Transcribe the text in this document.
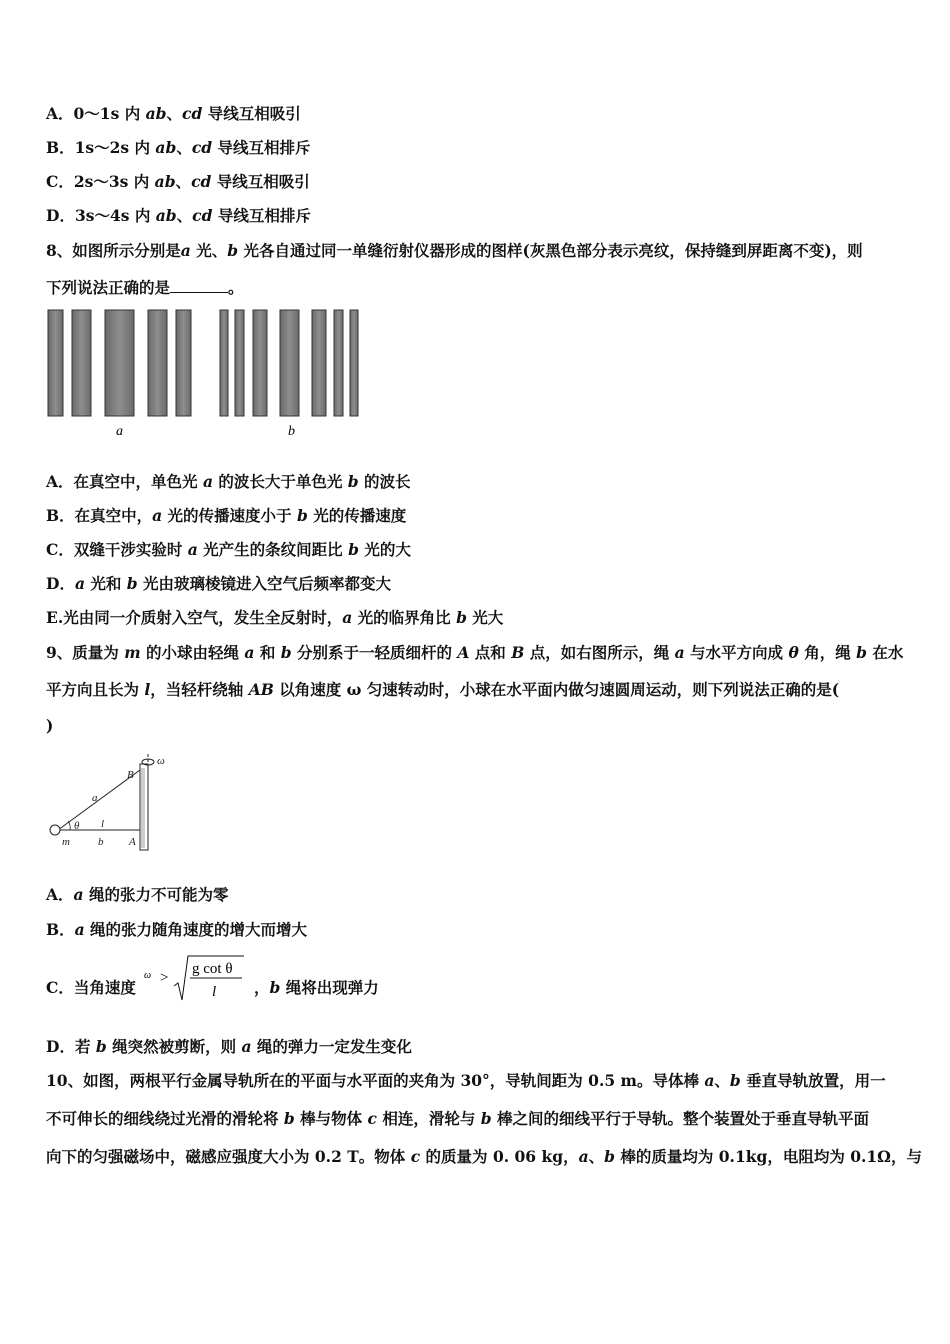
A．0～1s 内 ab、cd 导线互相吸引
B．1s～2s 内 ab、cd 导线互相排斥
C．2s～3s 内 ab、cd 导线互相吸引
D．3s～4s 内 ab、cd 导线互相排斥
8、如图所示分别是a 光、b 光各自通过同一单缝衍射仪器形成的图样(灰黑色部分表示亮纹，保持缝到屏距离不变)，则
下列说法正确的是	。
a	b
A．在真空中，单色光 a 的波长大于单色光 b 的波长
B．在真空中，a 光的传播速度小于 b 光的传播速度
C．双缝干涉实验时 a 光产生的条纹间距比 b 光的大
D．a 光和 b 光由玻璃棱镜进入空气后频率都变大
E.光由同一介质射入空气，发生全反射时，a 光的临界角比 b 光大
9、质量为 m 的小球由轻绳 a 和 b 分别系于一轻质细杆的 A 点和 B 点，如右图所示，绳 a 与水平方向成 θ 角，绳 b 在水
平方向且长为 l，当轻杆绕轴 AB 以角速度 ω 匀速转动时，小球在水平面内做匀速圆周运动，则下列说法正确的是(
)
ω
B
a
θ l
m	b A
A．a 绳的张力不可能为零
B．a 绳的张力随角速度的增大而增大
C．当角速度
ω >
g cot θ
l ，b 绳将出现弹力
D．若 b 绳突然被剪断，则 a 绳的弹力一定发生变化
10、如图，两根平行金属导轨所在的平面与水平面的夹角为 30°，导轨间距为 0.5 m。导体棒 a、b 垂直导轨放置，用一
不可伸长的细线绕过光滑的滑轮将 b 棒与物体 c 相连，滑轮与 b 棒之间的细线平行于导轨。整个装置处于垂直导轨平面
向下的匀强磁场中，磁感应强度大小为 0.2 T。物体 c 的质量为 0. 06 kg，a、b 棒的质量均为 0.1kg，电阻均为 0.1Ω，与
